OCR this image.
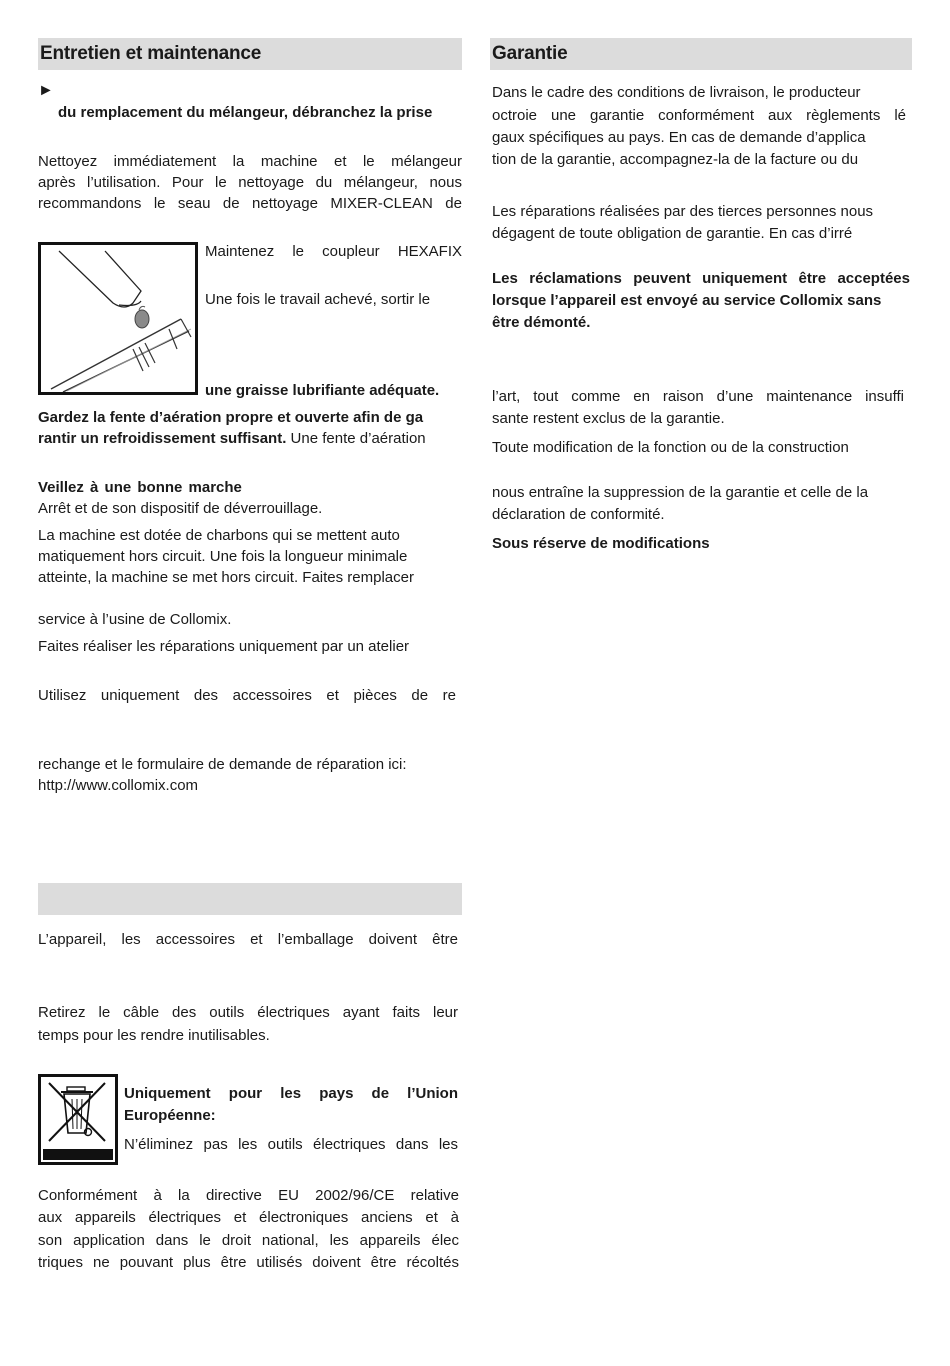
Entretien et maintenance
►
du remplacement du mélangeur, débranchez la prise
Nettoyez immédiatement la machine et le mélangeur
après l’utilisation. Pour le nettoyage du mélangeur, nous
recommandons le seau de nettoyage MIXER-CLEAN de
Maintenez le coupleur HEXAFIX
Une fois le travail achevé, sortir le
une graisse lubrifiante adéquate.
Gardez la fente d’aération propre et ouverte afin de ga
rantir un refroidissement suffisant. Une fente d’aération
Veillez à une bonne marche
Arrêt et de son dispositif de déverrouillage.
La machine est dotée de charbons qui se mettent auto
matiquement hors circuit. Une fois la longueur minimale
atteinte, la machine se met hors circuit. Faites remplacer
service à l’usine de Collomix.
Faites réaliser les réparations uniquement par un atelier
Utilisez uniquement des accessoires et pièces de re
rechange et le formulaire de demande de réparation ici:
http://www.collomix.com
L’appareil, les accessoires et l’emballage doivent être
Retirez le câble des outils électriques ayant faits leur
temps pour les rendre inutilisables.
Uniquement pour les pays de l’Union
Européenne:
N’éliminez pas les outils électriques dans les
Conformément à la directive EU 2002/96/CE relative
aux appareils électriques et électroniques anciens et à
son application dans le droit national, les appareils élec
triques ne pouvant plus être utilisés doivent être récoltés
Garantie
Dans le cadre des conditions de livraison, le producteur
octroie une garantie conformément aux règlements lé
gaux spécifiques au pays. En cas de demande d’applica
tion de la garantie, accompagnez-la de la facture ou du
Les réparations réalisées par des tierces personnes nous
dégagent de toute obligation de garantie. En cas d’irré
Les réclamations peuvent uniquement être acceptées
lorsque l’appareil est envoyé au service Collomix sans
être démonté.
l’art, tout comme en raison d’une maintenance insuffi
sante restent exclus de la garantie.
Toute modification de la fonction ou de la construction
nous entraîne la suppression de la garantie et celle de la
déclaration de conformité.
Sous réserve de modifications
